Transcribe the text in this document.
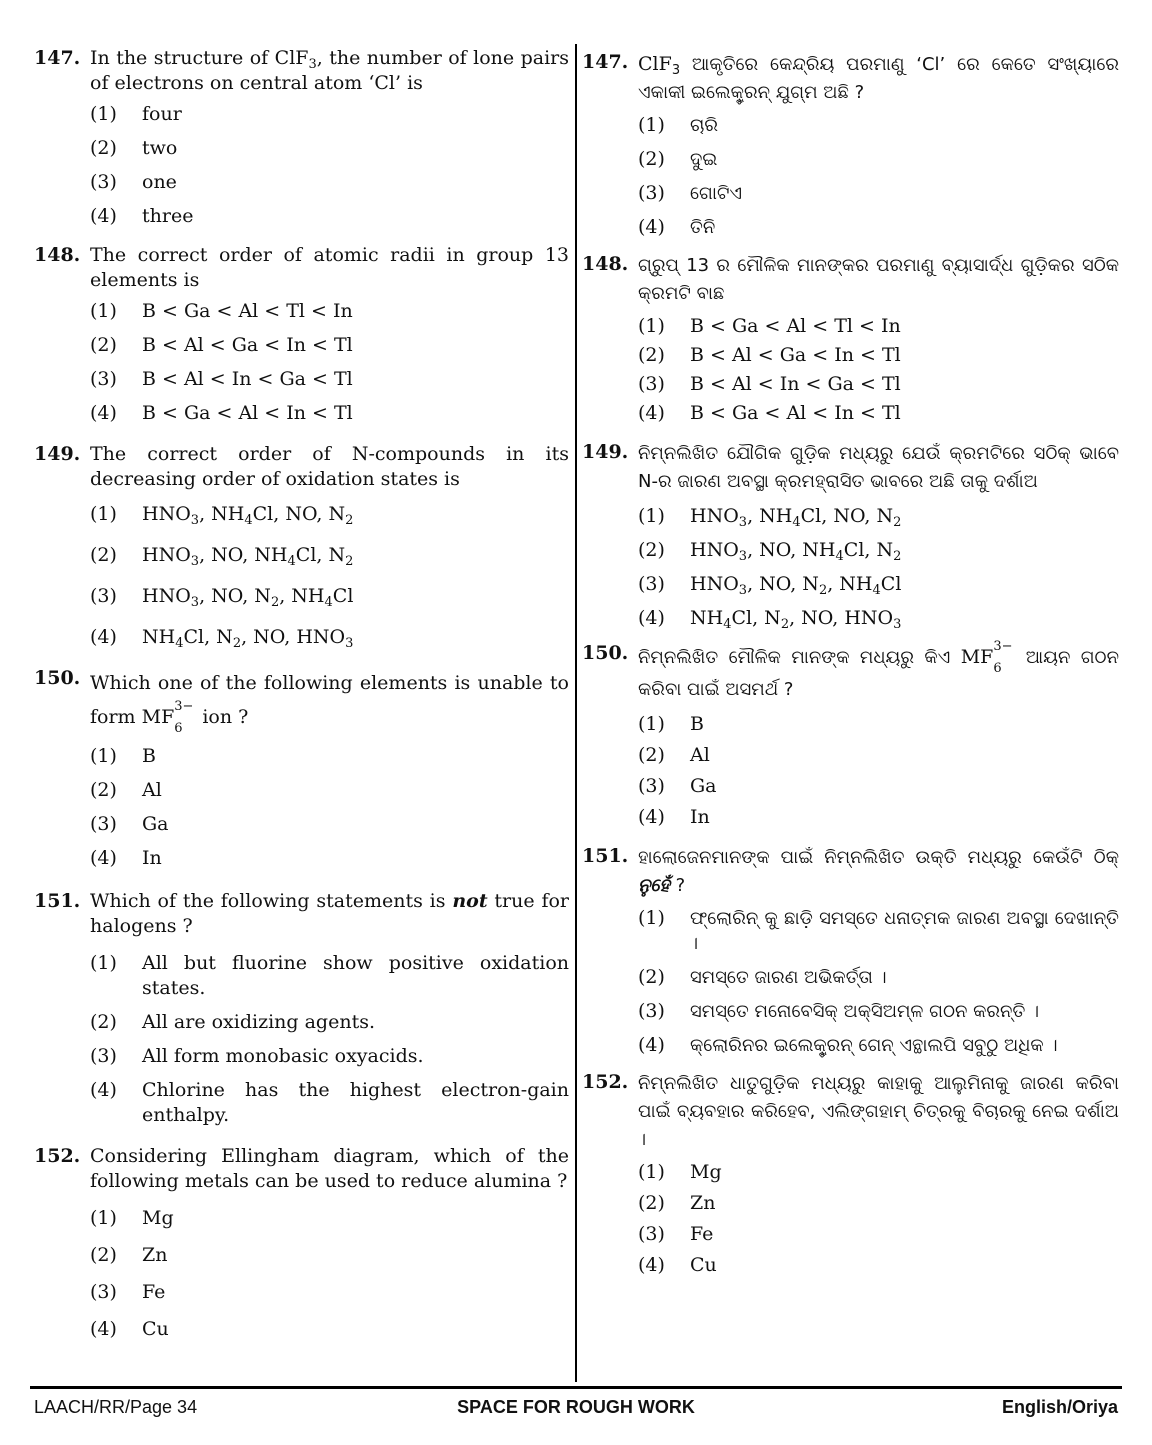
147. In the structure of ClF$_3$, the number of lone pairs of electrons on central atom ‘Cl’ is
(1)	four
(2)	two
(3)	one
(4)	three
148. The correct order of atomic radii in group 13 elements is
(1)	B < Ga < Al < Tl < In
(2)	B < Al < Ga < In < Tl
(3)	B < Al < In < Ga < Tl
(4)	B < Ga < Al < In < Tl
149. The correct order of N-compounds in its decreasing order of oxidation states is
(1)	$HNO_3$, $NH_4Cl$, NO, $N_2$
(2)	$HNO_3$, NO, $NH_4Cl$, $N_2$
(3)	$HNO_3$, NO, $N_2$, $NH_4Cl$
(4)	$NH_4Cl$, $N_2$, NO, $HNO_3$
150. Which one of the following elements is unable to form MF 3−
6
ion ?
(1)	B
(2)	Al
(3)	Ga
(4)	In
151. Which of the following statements is not true for halogens ?
(1)	All but fluorine show positive oxidation states.
(2)	All are oxidizing agents.
(3)	All form monobasic oxyacids.
(4)	Chlorine has the highest electron-gain enthalpy.
152. Considering Ellingham diagram, which of the following metals can be used to reduce alumina ?
(1)	Mg
(2)	Zn
(3)	Fe
(4)	Cu
147. ClF$_3$ ଆକୃତିରେ କେନ୍ଦ୍ରିୟ ପରମାଣୁ ‘Cl’ ରେ କେତେ ସଂଖ୍ୟାରେ ଏକାକୀ ଇଲେକ୍ଟ୍ରନ୍ ଯୁଗ୍ମ ଅଛି ?
(1)	ଚାରି
(2)	ଦୁଇ
(3)	ଗୋଟିଏ
(4)	ତିନି
148. ଗ୍ରୁପ୍ 13 ର ମୌଳିକ ମାନଙ୍କର ପରମାଣୁ ବ୍ୟାସାର୍ଦ୍ଧ ଗୁଡ଼ିକର ସଠିକ କ୍ରମଟି ବାଛ
(1)	B < Ga < Al < Tl < In
(2)	B < Al < Ga < In < Tl
(3)	B < Al < In < Ga < Tl
(4)	B < Ga < Al < In < Tl
149. ନିମ୍ନଲିଖିତ ଯୌଗିକ ଗୁଡ଼ିକ ମଧ୍ୟରୁ ଯେଉଁ କ୍ରମଟିରେ ସଠିକ୍ ଭାବେ N-ର ଜାରଣ ଅବସ୍ଥା କ୍ରମହ୍ରାସିତ ଭାବରେ ଅଛି ତାକୁ ଦର୍ଶାଅ
(1)	$HNO_3$, $NH_4Cl$, NO, $N_2$
(2)	$HNO_3$, NO, $NH_4Cl$, $N_2$
(3)	$HNO_3$, NO, $N_2$, $NH_4Cl$
(4)	$NH_4Cl$, $N_2$, NO, $HNO_3$
150. ନିମ୍ନଲିଖିତ ମୌଳିକ ମାନଙ୍କ ମଧ୍ୟରୁ କିଏ MF 3−
6
ଆୟନ ଗଠନ କରିବା ପାଇଁ ଅସମର୍ଥ ?
(1)	B
(2)	Al
(3)	Ga
(4)	In
151. ହାଲୋଜେନମାନଙ୍କ ପାଇଁ ନିମ୍ନଲିଖିତ ଉକ୍ତି ମଧ୍ୟରୁ କେଉଁଟି ଠିକ୍ ନୁହେଁ ?
(1)	ଫ୍ଲୋରିନ୍ କୁ ଛାଡ଼ି ସମସ୍ତେ ଧନାତ୍ମକ ଜାରଣ ଅବସ୍ଥା ଦେଖାନ୍ତି ।
(2)	ସମସ୍ତେ ଜାରଣ ଅଭିକର୍ତ୍ତା ।
(3)	ସମସ୍ତେ ମନୋବେସିକ୍ ଅକ୍ସିଅମ୍ଳ ଗଠନ କରନ୍ତି ।
(4)	କ୍ଲୋରିନର ଇଲେକ୍ଟ୍ରନ୍ ଗେନ୍ ଏନ୍ଥାଲପି ସବୁଠୁ ଅଧିକ ।
152. ନିମ୍ନଲିଖିତ ଧାତୁଗୁଡ଼ିକ ମଧ୍ୟରୁ କାହାକୁ ଆଲୁମିନାକୁ ଜାରଣ କରିବା ପାଇଁ ବ୍ୟବହାର କରିହେବ, ଏଲିଙ୍ଗହାମ୍ ଚିତ୍ରକୁ ବିଚାରକୁ ନେଇ ଦର୍ଶାଅ ।
(1)	Mg
(2)	Zn
(3)	Fe
(4)	Cu
LAACH/RR/Page 34	SPACE FOR ROUGH WORK	English/Oriya
